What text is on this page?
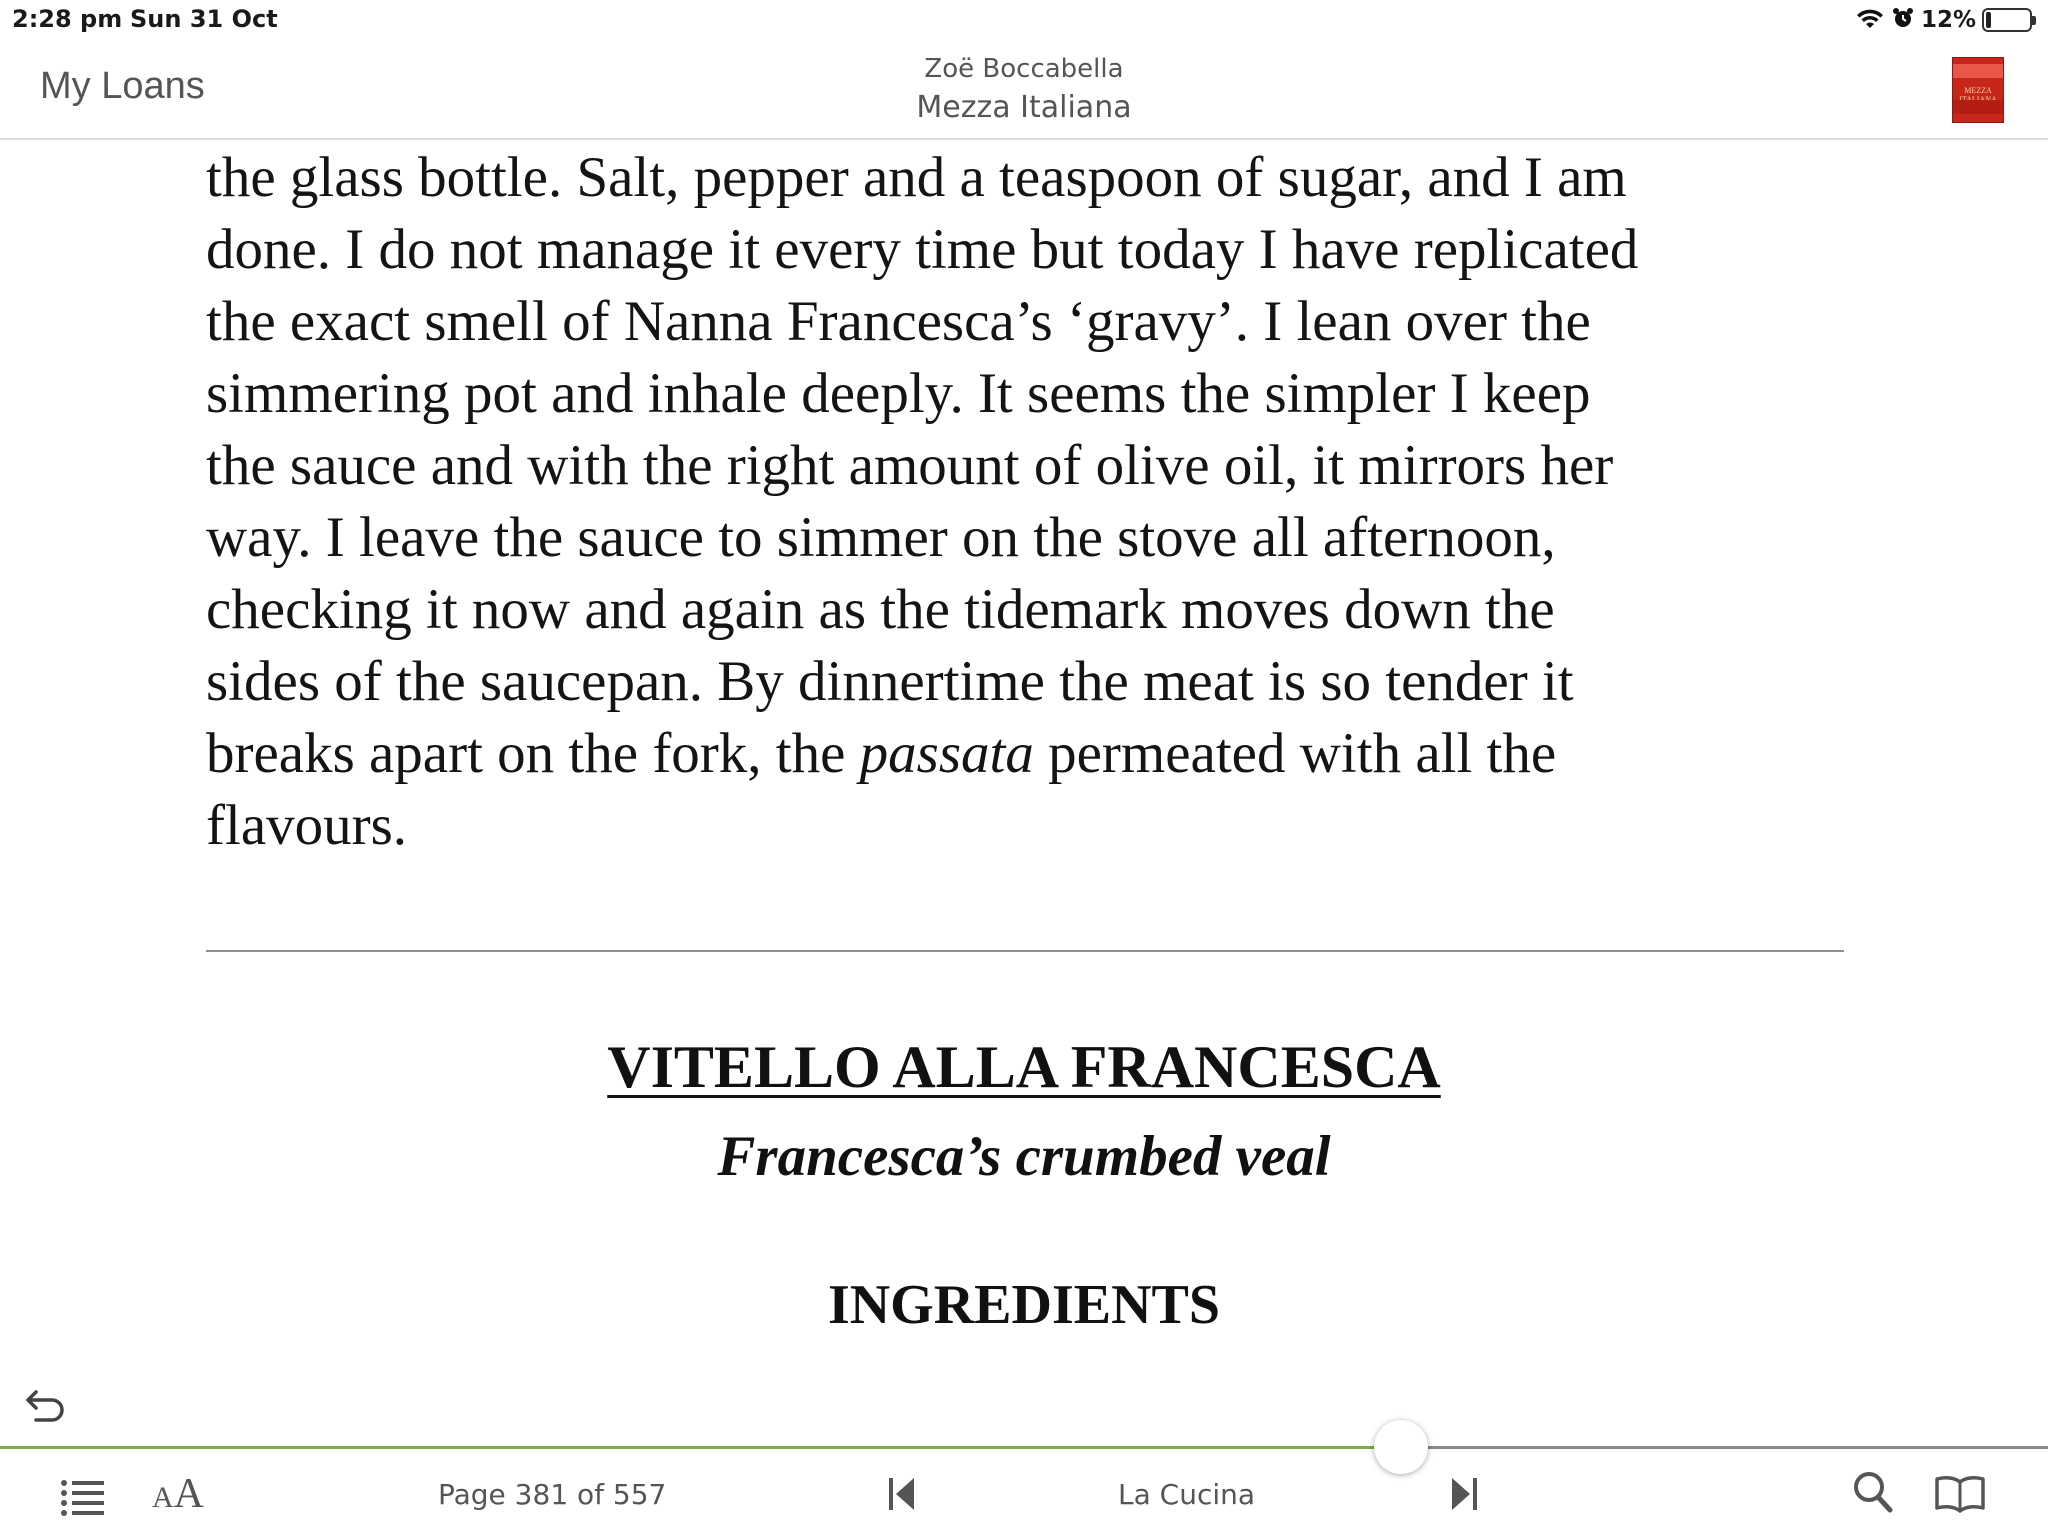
2:28 pm Sun 31 Oct	12%
My Loans	Zoë Boccabella
Mezza Italiana	MEZZA
the glass bottle. Salt, pepper and a teaspoon of sugar, and I am
done. I do not manage it every time but today I have replicated
the exact smell of Nanna Francesca’s ‘gravy’. I lean over the
simmering pot and inhale deeply. It seems the simpler I keep
the sauce and with the right amount of olive oil, it mirrors her
way. I leave the sauce to simmer on the stove all afternoon,
checking it now and again as the tidemark moves down the
sides of the saucepan. By dinnertime the meat is so tender it
breaks apart on the fork, the passata permeated with all the
flavours.
VITELLO ALLA FRANCESCA
Francesca’s crumbed veal
INGREDIENTS
AA	Page 381 of 557	La Cucina
